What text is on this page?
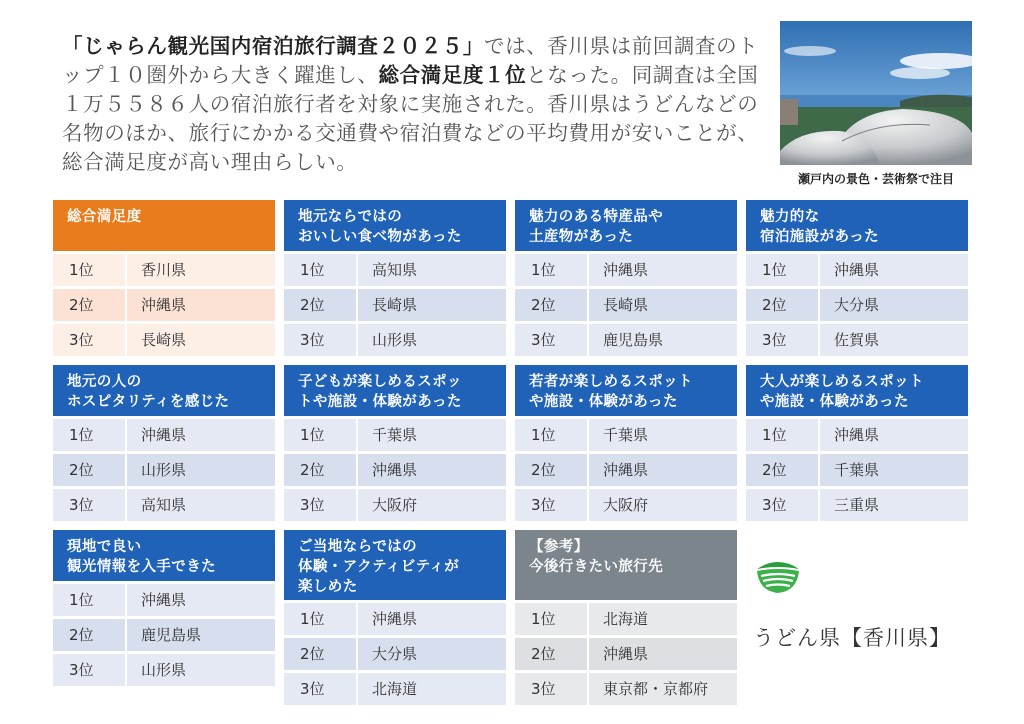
「じゃらん観光国内宿泊旅行調査２０２５」では、香川県は前回調査のトップ１０圏外から大きく躍進し、総合満足度１位となった。同調査は全国１万５５８６人の宿泊旅行者を対象に実施された。香川県はうどんなどの名物のほか、旅行にかかる交通費や宿泊費などの平均費用が安いことが、総合満足度が高い理由らしい。

瀬戸内の景色・芸術祭で注目
総合満足度
1位	香川県
2位	沖縄県
3位	長崎県
地元ならではの
おいしい食べ物があった
1位	高知県
2位	長崎県
3位	山形県
魅力のある特産品や
土産物があった
1位	沖縄県
2位	長崎県
3位	鹿児島県
魅力的な
宿泊施設があった
1位	沖縄県
2位	大分県
3位	佐賀県
地元の人の
ホスピタリティを感じた
1位	沖縄県
2位	山形県
3位	高知県
子どもが楽しめるスポッ
トや施設・体験があった
1位	千葉県
2位	沖縄県
3位	大阪府
若者が楽しめるスポット
や施設・体験があった
1位	千葉県
2位	沖縄県
3位	大阪府
大人が楽しめるスポット
や施設・体験があった
1位	沖縄県
2位	千葉県
3位	三重県
現地で良い
観光情報を入手できた
1位	沖縄県
2位	鹿児島県
3位	山形県
ご当地ならではの
体験・アクティビティが
楽しめた
1位	沖縄県
2位	大分県
3位	北海道
【参考】
今後行きたい旅行先
1位	北海道
2位	沖縄県
3位	東京都・京都府
うどん県【香川県】
